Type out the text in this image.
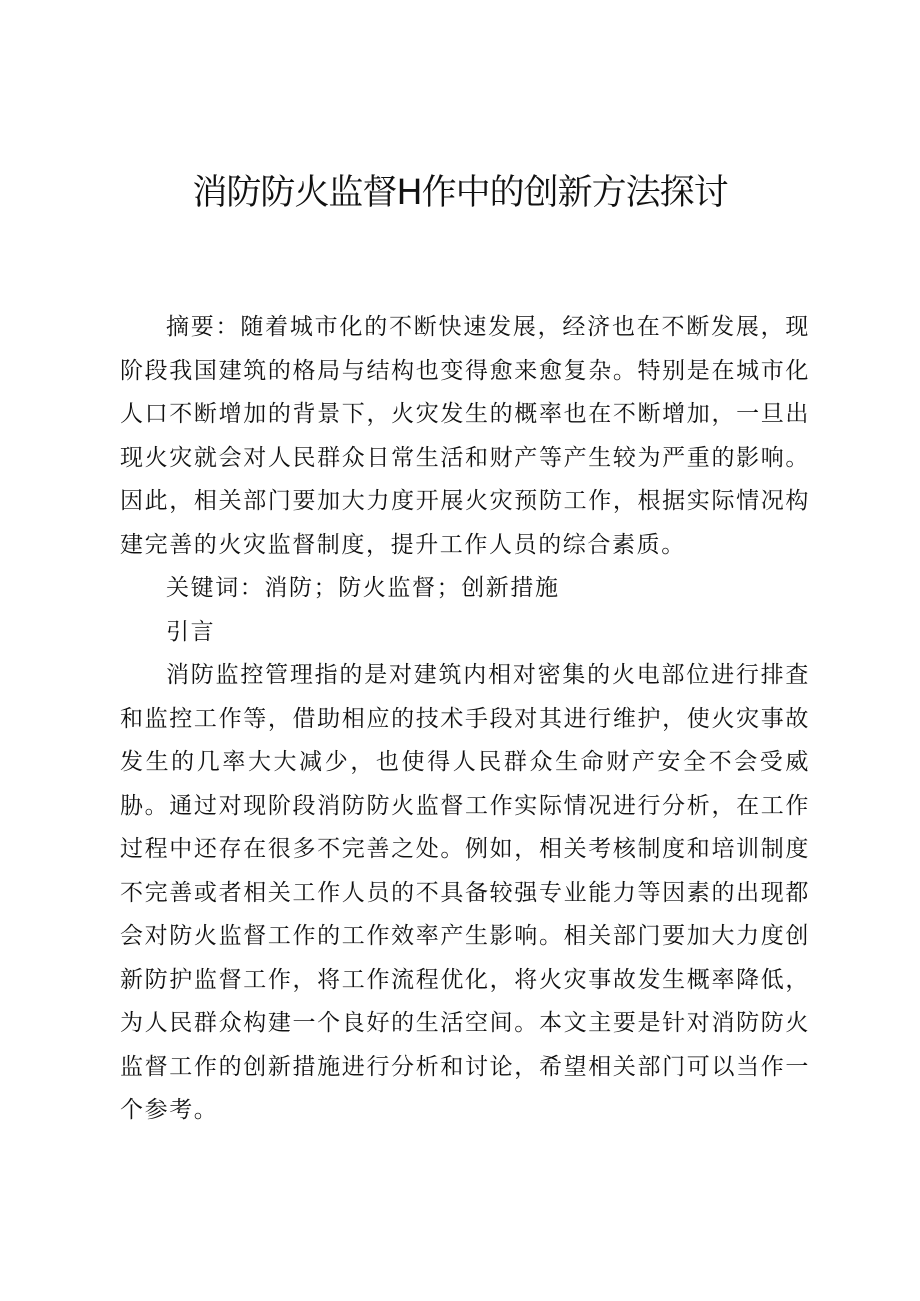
消防防火监督H作中的创新方法探讨

摘要：随着城市化的不断快速发展，经济也在不断发展，现阶段我国建筑的格局与结构也变得愈来愈复杂。特别是在城市化人口不断增加的背景下，火灾发生的概率也在不断增加，一旦出现火灾就会对人民群众日常生活和财产等产生较为严重的影响。因此，相关部门要加大力度开展火灾预防工作，根据实际情况构建完善的火灾监督制度，提升工作人员的综合素质。

关键词：消防；防火监督；创新措施

引言

消防监控管理指的是对建筑内相对密集的火电部位进行排査和监控工作等，借助相应的技术手段对其进行维护，使火灾事故发生的几率大大减少，也使得人民群众生命财产安全不会受威胁。通过对现阶段消防防火监督工作实际情况进行分析，在工作过程中还存在很多不完善之处。例如，相关考核制度和培训制度不完善或者相关工作人员的不具备较强专业能力等因素的出现都会对防火监督工作的工作效率产生影响。相关部门要加大力度创新防护监督工作，将工作流程优化，将火灾事故发生概率降低，为人民群众构建一个良好的生活空间。本文主要是针对消防防火监督工作的创新措施进行分析和讨论，希望相关部门可以当作一个参考。
